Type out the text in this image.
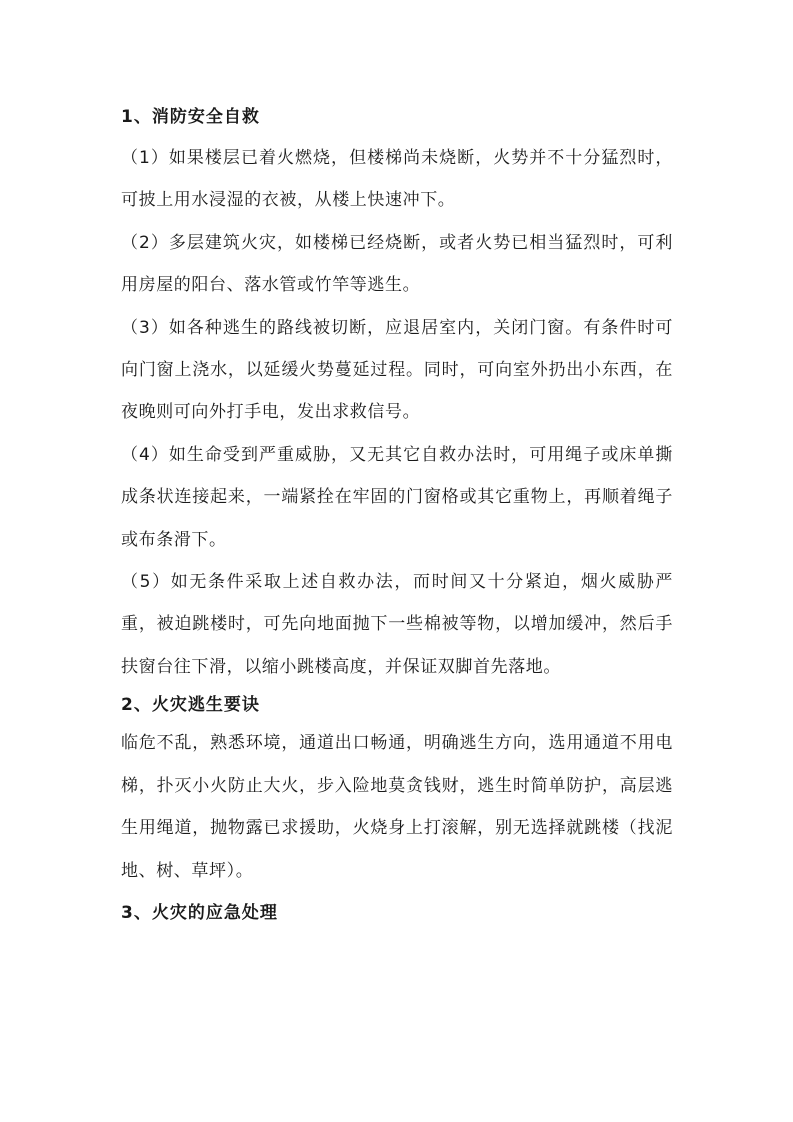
1、消防安全自救
（1）如果楼层已着火燃烧，但楼梯尚未烧断，火势并不十分猛烈时，可披上用水浸湿的衣被，从楼上快速冲下。
（2）多层建筑火灾，如楼梯已经烧断，或者火势已相当猛烈时，可利用房屋的阳台、落水管或竹竿等逃生。
（3）如各种逃生的路线被切断，应退居室内，关闭门窗。有条件时可向门窗上浇水，以延缓火势蔓延过程。同时，可向室外扔出小东西，在夜晚则可向外打手电，发出求救信号。
（4）如生命受到严重威胁，又无其它自救办法时，可用绳子或床单撕成条状连接起来，一端紧拴在牢固的门窗格或其它重物上，再顺着绳子或布条滑下。
（5）如无条件采取上述自救办法，而时间又十分紧迫，烟火威胁严重，被迫跳楼时，可先向地面抛下一些棉被等物，以增加缓冲，然后手扶窗台往下滑，以缩小跳楼高度，并保证双脚首先落地。
2、火灾逃生要诀
临危不乱，熟悉环境，通道出口畅通，明确逃生方向，选用通道不用电梯，扑灭小火防止大火，步入险地莫贪钱财，逃生时简单防护，高层逃生用绳道，抛物露已求援助，火烧身上打滚解，别无选择就跳楼（找泥地、树、草坪）。
3、火灾的应急处理
